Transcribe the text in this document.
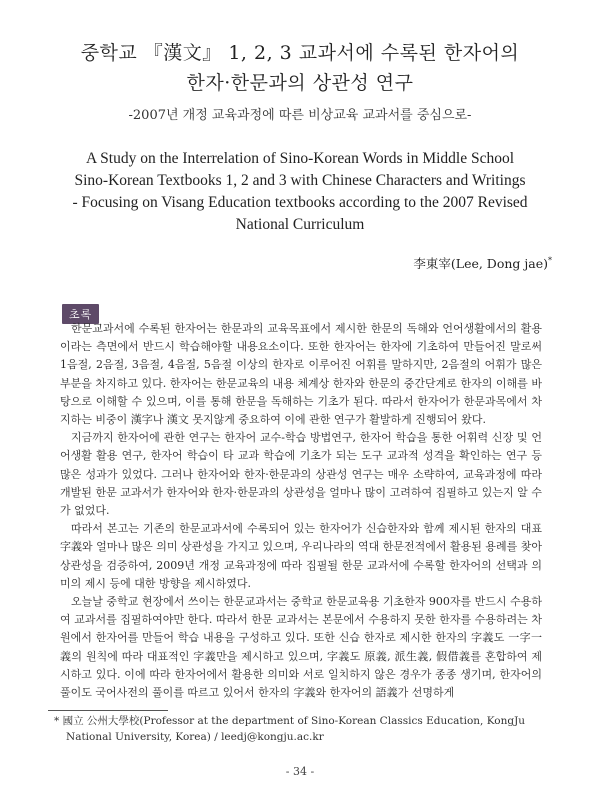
중학교 『漢文』 1, 2, 3 교과서에 수록된 한자어의
한자·한문과의 상관성 연구
-2007년 개정 교육과정에 따른 비상교육 교과서를 중심으로-
A Study on the Interrelation of Sino-Korean Words in Middle School
Sino-Korean Textbooks 1, 2 and 3 with Chinese Characters and Writings
- Focusing on Visang Education textbooks according to the 2007 Revised
National Curriculum
李東宰(Lee, Dong jae)*
초록

한문교과서에 수록된 한자어는 한문과의 교육목표에서 제시한 한문의 독해와 언어생활에서의 활용이라는 측면에서 반드시 학습해야할 내용요소이다. 또한 한자어는 한자에 기초하여 만들어진 말로써 1음절, 2음절, 3음절, 4음절, 5음절 이상의 한자로 이루어진 어휘를 말하지만, 2음절의 어휘가 많은 부분을 차지하고 있다. 한자어는 한문교육의 내용 체계상 한자와 한문의 중간단계로 한자의 이해를 바탕으로 이해할 수 있으며, 이를 통해 한문을 독해하는 기초가 된다. 따라서 한자어가 한문과목에서 차지하는 비중이 漢字나 漢文 못지않게 중요하여 이에 관한 연구가 활발하게 진행되어 왔다.

지금까지 한자어에 관한 연구는 한자어 교수-학습 방법연구, 한자어 학습을 통한 어휘력 신장 및 언어생활 활용 연구, 한자어 학습이 타 교과 학습에 기초가 되는 도구 교과적 성격을 확인하는 연구 등 많은 성과가 있었다. 그러나 한자어와 한자·한문과의 상관성 연구는 매우 소략하여, 교육과정에 따라 개발된 한문 교과서가 한자어와 한자·한문과의 상관성을 얼마나 많이 고려하여 집필하고 있는지 알 수가 없었다.

따라서 본고는 기존의 한문교과서에 수록되어 있는 한자어가 신습한자와 함께 제시된 한자의 대표 字義와 얼마나 많은 의미 상관성을 가지고 있으며, 우리나라의 역대 한문전적에서 활용된 용례를 찾아 상관성을 검증하여, 2009년 개정 교육과정에 따라 집필될 한문 교과서에 수록할 한자어의 선택과 의미의 제시 등에 대한 방향을 제시하였다.

오늘날 중학교 현장에서 쓰이는 한문교과서는 중학교 한문교육용 기초한자 900자를 반드시 수용하여 교과서를 집필하여야만 한다. 따라서 한문 교과서는 본문에서 수용하지 못한 한자를 수용하려는 차원에서 한자어를 만들어 학습 내용을 구성하고 있다. 또한 신습 한자로 제시한 한자의 字義도 一字一義의 원칙에 따라 대표적인 字義만을 제시하고 있으며, 字義도 原義, 派生義, 假借義를 혼합하여 제시하고 있다. 이에 따라 한자어에서 활용한 의미와 서로 일치하지 않은 경우가 종종 생기며, 한자어의 풀이도 국어사전의 풀이를 따르고 있어서 한자의 字義와 한자어의 語義가 선명하게

* 國立 公州大學校(Professor at the department of Sino-Korean Classics Education, KongJu National University, Korea) / leedj@kongju.ac.kr
- 34 -
